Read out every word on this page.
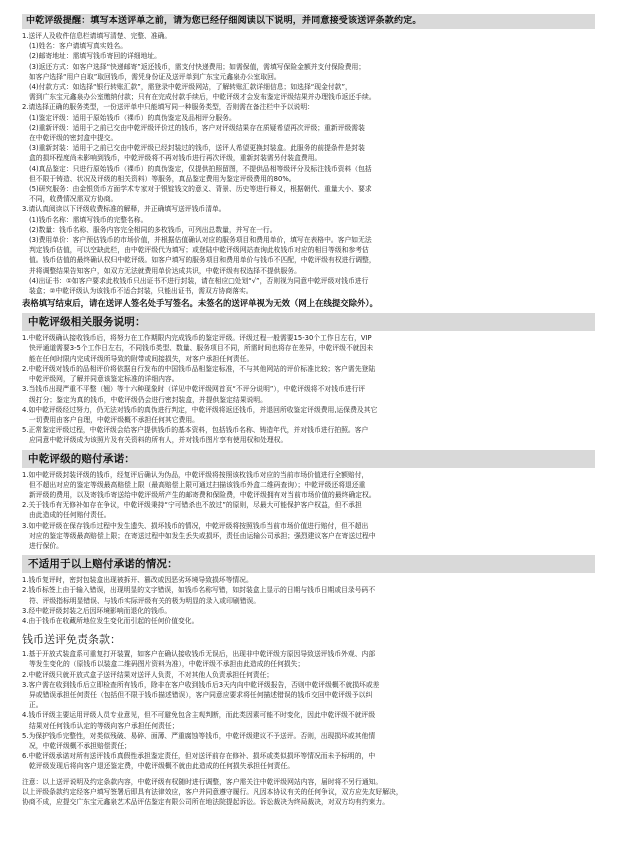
中乾评级提醒：填写本送评单之前，请为您已经仔细阅读以下说明，并同意接受该送评条款约定。
1.送评人及收件信息栏请填写清楚、完整、准确。
(1)姓名：客户请填写真实姓名。
(2)邮寄地址：需填写钱币寄回的详细地址。
(3)返还方式：如客户选择“快递邮寄”返还钱币，需支付快递费用；如需保值，需填写保险金额并支付保险费用；
如客户选择“用户自取”取回钱币，需凭身份证及送评单到广东宝元鑫泉办公室取回。
(4)付款方式：如选择“银行转账汇款”，需登录中乾评级网站，了解转账汇款详细信息；如选择“现金付款”，
需到广东宝元鑫泉办公室缴纳付款；只有在完成付款手续后，中乾评级才会发布鉴定评级结果并办理钱币返还手续。
2.请选择正确的服务类型，一份送评单中只能填写同一种服务类型，否则需在备注栏中予以说明：
(1)鉴定评级：适用于原始钱币（裸币）的真伪鉴定及品相评分服务。
(2)重新评级：适用于之前已交由中乾评级评价过的钱币，客户对评级结果存在质疑希望再次评级；重新评级需装
在中乾评级的密封盒中提交。
(3)重新封装：适用于之前已交由中乾评级已经封装过的钱币，送评人希望更换封装盒。此服务的前提条件是封装
盒的损坏程度尚未影响到钱币，中乾评级将不再对钱币进行再次评级，重新封装需另付装盒费用。
(4)真品鉴定：只进行原始钱币（裸币）的真伪鉴定，仅提供拍照留图，不提供品相等级评分及标注钱币资料（包括
但不限于铸造、状况及评级的相关资料）等服务，真品鉴定费用为鉴定评级费用的80%。
(5)研究服务：由金银货币方面学术专家对于银锭钱文的意义、背景、历史等进行释义，根据朝代、重量大小、要求
不同，收费情况需双方协商。
3.请认真阅读以下评级收费标准的解释，并正确填写送评钱币清单。
(1)钱币名称：需填写钱币的完整名称。
(2)数量：钱币名称、服务内容完全相同的多枚钱币，可列出总数量，并写在一行。
(3)费用单价：客户预估钱币的市场价值，并根据估值确认对应的服务项目和费用单价，填写在表格中。客户如无法
判定钱币估值，可以空缺此栏，由中乾评级代为填写；或登陆中乾评级网站查询此枚钱币对应的相目等级和参考估
值。钱币估值的最终确认权归中乾评级。如客户填写的服务项目和费用单价与钱币不匹配，中乾评级有权进行调整，
并将调整结果告知客户，如双方无法就费用单价达成共识，中乾评级有权选择不提供服务。
(4)出证书：①如客户要求此枚钱币只出证书不进行封装，请在相应□处划“√”，否则视为同意中乾评级对钱币进行
装盒；②中乾评级认为该钱币不适合封装，只能出证书，需双方协商落实。
表格填写结束后，请在送评人签名处手写签名。未签名的送评单视为无效（网上在线提交除外）。
中乾评级相关服务说明：
1.中乾评级确认接收钱币后，将努力在工作期限内完成钱币的鉴定评级。评级过程一般需要15-30个工作日左右，VIP
快评通道需要3-5个工作日左右，不同钱币类型、数量、服务项目不同，所需时间也将存在差异，中乾评级不就因未
能在任何时限内完成评级所导致的附带或间接损失，对客户承担任何责任。
2.中乾评级对钱币的品相评价将依据自行发布的中国钱币品相鉴定标准，不与其他网站的评价标准比较；客户需先登陆
中乾评级网，了解并同意该鉴定标准的详细内容。
3.当钱币出现严重不平整（翘）等十六种现象时（详见中乾评级网首页“不评分说明”），中乾评级将不对钱币进行评
级打分；鉴定为真的钱币，中乾评级仍会进行密封装盒，并提供鉴定结果说明。
4.如中乾评级经过努力，仍无法对钱币的真伪进行判定，中乾评级将返还钱币，并退回所收鉴定评级费用,运保费及其它
一切费用由客户自理，中乾评级概不承担任何其它费用。
5.正常鉴定评级过程，中乾评级会给客户提供钱币的基本资料，包括钱币名称、铸造年代，并对钱币进行拍照。客户
应同意中乾评级成为该照片及有关资料的所有人，并对钱币图片享有使用权和处理权。
中乾评级的赔付承诺：
1.如中乾评级封装评级的钱币，经复评后确认为伪品，中乾评级将按照该枚钱币对应的当前市场价值进行全额赔付，
但不超出对应的鉴定等级最高赔偿上限（最高赔偿上限可通过扫描该钱币外盒二维码查询）；中乾评级还将退还重
新评级的费用，以及寄钱币寄送给中乾评级所产生的邮寄费和保险费，中乾评级拥有对当前市场价值的最终确定权。
2.关于钱币有无修补如存在争议，中乾评级秉持“宁可错杀也不放过”的原则，尽最大可能保护客户权益，但不承担
由此造成的任何赔付责任。
3.如中乾评级在保存钱币过程中发生遗失、损坏钱币的情况，中乾评级将按照钱币当前市场价值进行赔付，但不超出
对应的鉴定等级最高赔偿上限；在寄送过程中如发生丢失或损坏，责任由运输公司承担；强烈建议客户在寄送过程中
进行保价。
不适用于以上赔付承诺的情况：
1.钱币复评时，密封包装盒出现被拆开、篡改或因恶劣环境导致损坏等情况。
2.钱币标签上由于输入错误，出现明显的文字错误，如钱币名称写错，如封装盒上显示的日期与钱币日期或目录号码不
符、评级指标明显错误、与钱币实际评级有关的极为明显的录入或印刷错误。
3.经中乾评级封装之后因环境影响而退化的钱币。
4.由于钱币在收藏所地位发生变化而引起的任何价值变化。
钱币送评免责条款：
1.基于开放式装盒系可重复打开装置，如客户在确认接收钱币无误后，出现非中乾评级方原因导致送评钱币外观、内部
等发生变化的（原钱币以装盒二维码图片资料为准），中乾评级不承担由此造成的任何损失；
2.中乾评级只就开放式盒子送评结果对送评人负责，不对其他人负责承担任何责任；
3.客户需在收到钱币后立即检查所有钱币，除非在客户收到钱币后3天内向中乾评级报告，否则中乾评级概不就损坏或差
异或错误承担任何责任（包括但不限于钱币描述错误），客户同意应要求将任何描述错误的钱币交回中乾评级予以纠
正。
4.钱币评级主要运用评级人员专业意见，但不可避免包含主观判断，而此类因素可能不时变化，因此中乾评级不就评级
结果对任何钱币认定的等级向客户承担任何责任；
5.为保护钱币完整性，对类似残破、易碎、面薄、严重腐蚀等钱币，中乾评级建议不予送评。否则，出现损坏或其他情
况，中乾评级概不承担赔偿责任；
6.中乾评级承诺对所有送评钱币真假性承担鉴定责任，但对送评前存在修补、损坏或类似损坏等情况而未予标明的，中
乾评级发现后将向客户退还鉴定费，中乾评级概不就由此造成的任何损失承担任何责任。
注意：以上送评说明及约定条款内容，中乾评级有权随时进行调整，客户需关注中乾评级网站内容，届时将不另行通知。
以上评级条款约定经客户填写签署后即具有法律效应，客户并同意遵守履行。凡因本协议有关的任何争议，双方应先友好解决，
协商不成，应提交广东宝元鑫泉艺术品评估鉴定有限公司所在地法院提起诉讼。诉讼裁决为终局裁决，对双方均有约束力。
